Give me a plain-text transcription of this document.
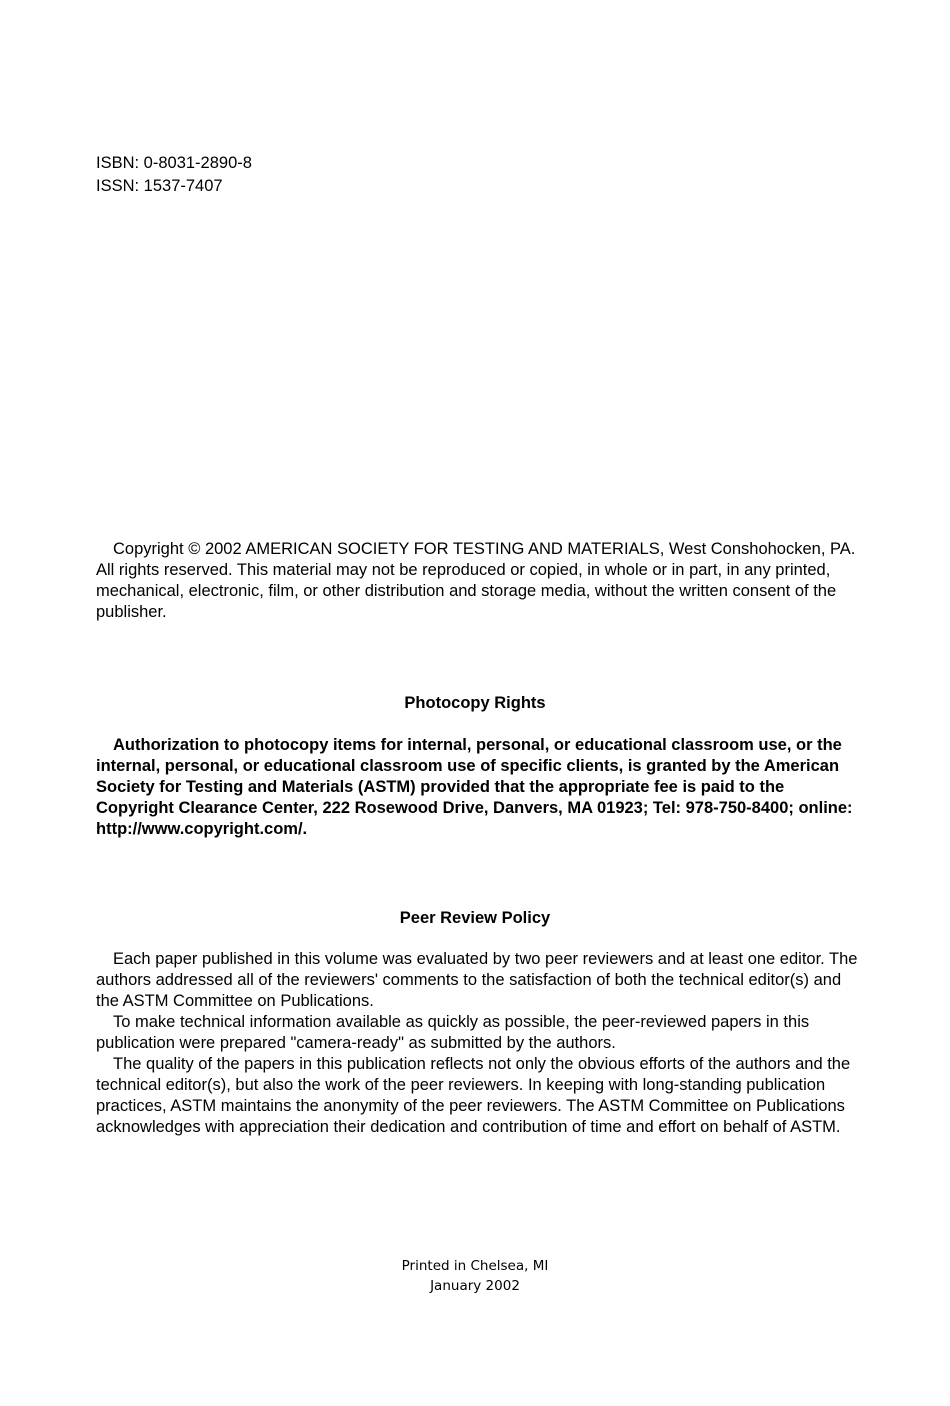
ISBN: 0-8031-2890-8
ISSN: 1537-7407

Copyright © 2002 AMERICAN SOCIETY FOR TESTING AND MATERIALS, West Conshohocken, PA. All rights reserved. This material may not be reproduced or copied, in whole or in part, in any printed, mechanical, electronic, film, or other distribution and storage media, without the written consent of the publisher.

Photocopy Rights

Authorization to photocopy items for internal, personal, or educational classroom use, or the internal, personal, or educational classroom use of specific clients, is granted by the American Society for Testing and Materials (ASTM) provided that the appropriate fee is paid to the Copyright Clearance Center, 222 Rosewood Drive, Danvers, MA 01923; Tel: 978-750-8400; online: http://www.copyright.com/.

Peer Review Policy

Each paper published in this volume was evaluated by two peer reviewers and at least one editor. The authors addressed all of the reviewers' comments to the satisfaction of both the technical editor(s) and the ASTM Committee on Publications.

To make technical information available as quickly as possible, the peer-reviewed papers in this publication were prepared "camera-ready" as submitted by the authors.

The quality of the papers in this publication reflects not only the obvious efforts of the authors and the technical editor(s), but also the work of the peer reviewers. In keeping with long-standing publication practices, ASTM maintains the anonymity of the peer reviewers. The ASTM Committee on Publications acknowledges with appreciation their dedication and contribution of time and effort on behalf of ASTM.

Printed in Chelsea, MI
January 2002
